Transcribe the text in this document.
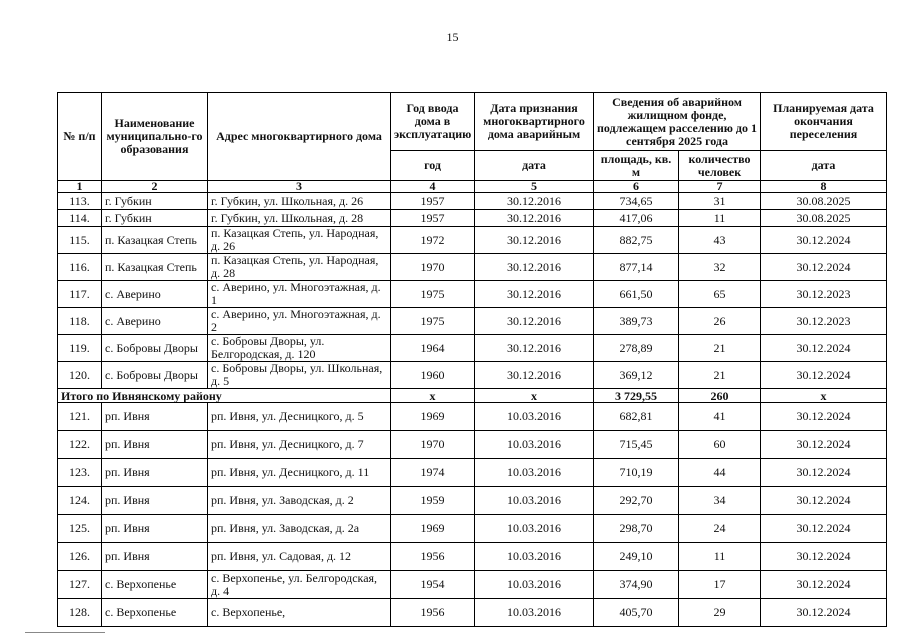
15
№ п/п	Наименование муниципально-го образования	Адрес многоквартирного дома	Год ввода дома в эксплуатацию	Дата признания многоквартирного дома аварийным	Сведения об аварийном жилищном фонде, подлежащем расселению до 1 сентября 2025 года		Планируемая дата окончания переселения
			год	дата	площадь, кв. м	количество человек	дата
1	2	3	4	5	6	7	8
113.	г. Губкин	г. Губкин, ул. Школьная, д. 26	1957	30.12.2016	734,65	31	30.08.2025
114.	г. Губкин	г. Губкин, ул. Школьная, д. 28	1957	30.12.2016	417,06	11	30.08.2025
115.	п. Казацкая Степь	п. Казацкая Степь, ул. Народная, д. 26	1972	30.12.2016	882,75	43	30.12.2024
116.	п. Казацкая Степь	п. Казацкая Степь, ул. Народная, д. 28	1970	30.12.2016	877,14	32	30.12.2024
117.	с. Аверино	с. Аверино, ул. Многоэтажная, д. 1	1975	30.12.2016	661,50	65	30.12.2023
118.	с. Аверино	с. Аверино, ул. Многоэтажная, д. 2	1975	30.12.2016	389,73	26	30.12.2023
119.	с. Бобровы Дворы	с. Бобровы Дворы, ул. Белгородская, д. 120	1964	30.12.2016	278,89	21	30.12.2024
120.	с. Бобровы Дворы	с. Бобровы Дворы, ул. Школьная, д. 5	1960	30.12.2016	369,12	21	30.12.2024
Итого по Ивнянскому району			x	x	3 729,55	260	x
121.	рп. Ивня	рп. Ивня, ул. Десницкого, д. 5	1969	10.03.2016	682,81	41	30.12.2024
122.	рп. Ивня	рп. Ивня, ул. Десницкого, д. 7	1970	10.03.2016	715,45	60	30.12.2024
123.	рп. Ивня	рп. Ивня, ул. Десницкого, д. 11	1974	10.03.2016	710,19	44	30.12.2024
124.	рп. Ивня	рп. Ивня, ул. Заводская, д. 2	1959	10.03.2016	292,70	34	30.12.2024
125.	рп. Ивня	рп. Ивня, ул. Заводская, д. 2а	1969	10.03.2016	298,70	24	30.12.2024
126.	рп. Ивня	рп. Ивня, ул. Садовая, д. 12	1956	10.03.2016	249,10	11	30.12.2024
127.	с. Верхопенье	с. Верхопенье, ул. Белгородская, д. 4	1954	10.03.2016	374,90	17	30.12.2024
128.	с. Верхопенье	с. Верхопенье,	1956	10.03.2016	405,70	29	30.12.2024
